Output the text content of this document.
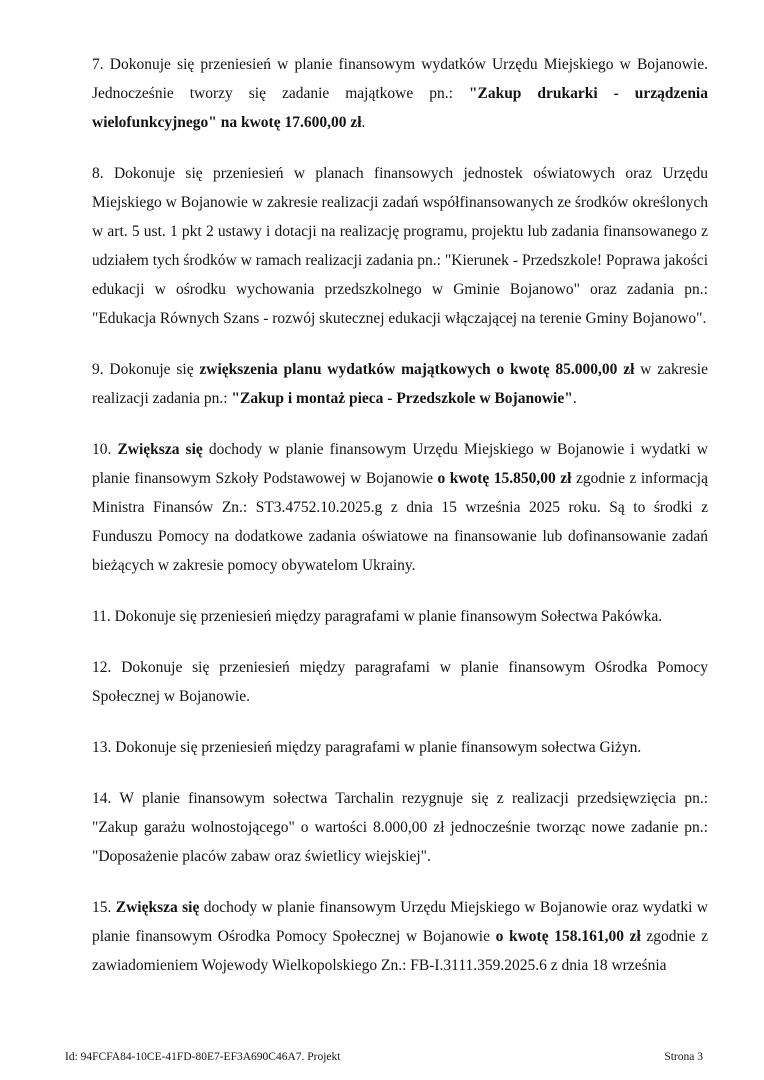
7. Dokonuje się przeniesień w planie finansowym wydatków Urzędu Miejskiego w Bojanowie. Jednocześnie tworzy się zadanie majątkowe pn.: "Zakup drukarki - urządzenia wielofunkcyjnego" na kwotę 17.600,00 zł.

8. Dokonuje się przeniesień w planach finansowych jednostek oświatowych oraz Urzędu Miejskiego w Bojanowie w zakresie realizacji zadań współfinansowanych ze środków określonych w art. 5 ust. 1 pkt 2 ustawy i dotacji na realizację programu, projektu lub zadania finansowanego z udziałem tych środków w ramach realizacji zadania pn.: "Kierunek - Przedszkole! Poprawa jakości edukacji w ośrodku wychowania przedszkolnego w Gminie Bojanowo" oraz zadania pn.: "Edukacja Równych Szans - rozwój skutecznej edukacji włączającej na terenie Gminy Bojanowo".

9. Dokonuje się zwiększenia planu wydatków majątkowych o kwotę 85.000,00 zł w zakresie realizacji zadania pn.: "Zakup i montaż pieca - Przedszkole w Bojanowie".

10. Zwiększa się dochody w planie finansowym Urzędu Miejskiego w Bojanowie i wydatki w planie finansowym Szkoły Podstawowej w Bojanowie o kwotę 15.850,00 zł zgodnie z informacją Ministra Finansów Zn.: ST3.4752.10.2025.g z dnia 15 września 2025 roku. Są to środki z Funduszu Pomocy na dodatkowe zadania oświatowe na finansowanie lub dofinansowanie zadań bieżących w zakresie pomocy obywatelom Ukrainy.

11. Dokonuje się przeniesień między paragrafami w planie finansowym Sołectwa Pakówka.

12. Dokonuje się przeniesień między paragrafami w planie finansowym Ośrodka Pomocy Społecznej w Bojanowie.

13. Dokonuje się przeniesień między paragrafami w planie finansowym sołectwa Giżyn.

14. W planie finansowym sołectwa Tarchalin rezygnuje się z realizacji przedsięwzięcia pn.: "Zakup garażu wolnostojącego" o wartości 8.000,00 zł jednocześnie tworząc nowe zadanie pn.: "Doposażenie placów zabaw oraz świetlicy wiejskiej".

15. Zwiększa się dochody w planie finansowym Urzędu Miejskiego w Bojanowie oraz wydatki w planie finansowym Ośrodka Pomocy Społecznej w Bojanowie o kwotę 158.161,00 zł zgodnie z zawiadomieniem Wojewody Wielkopolskiego Zn.: FB-I.3111.359.2025.6 z dnia 18 września

Id: 94FCFA84-10CE-41FD-80E7-EF3A690C46A7. Projekt	Strona 3
